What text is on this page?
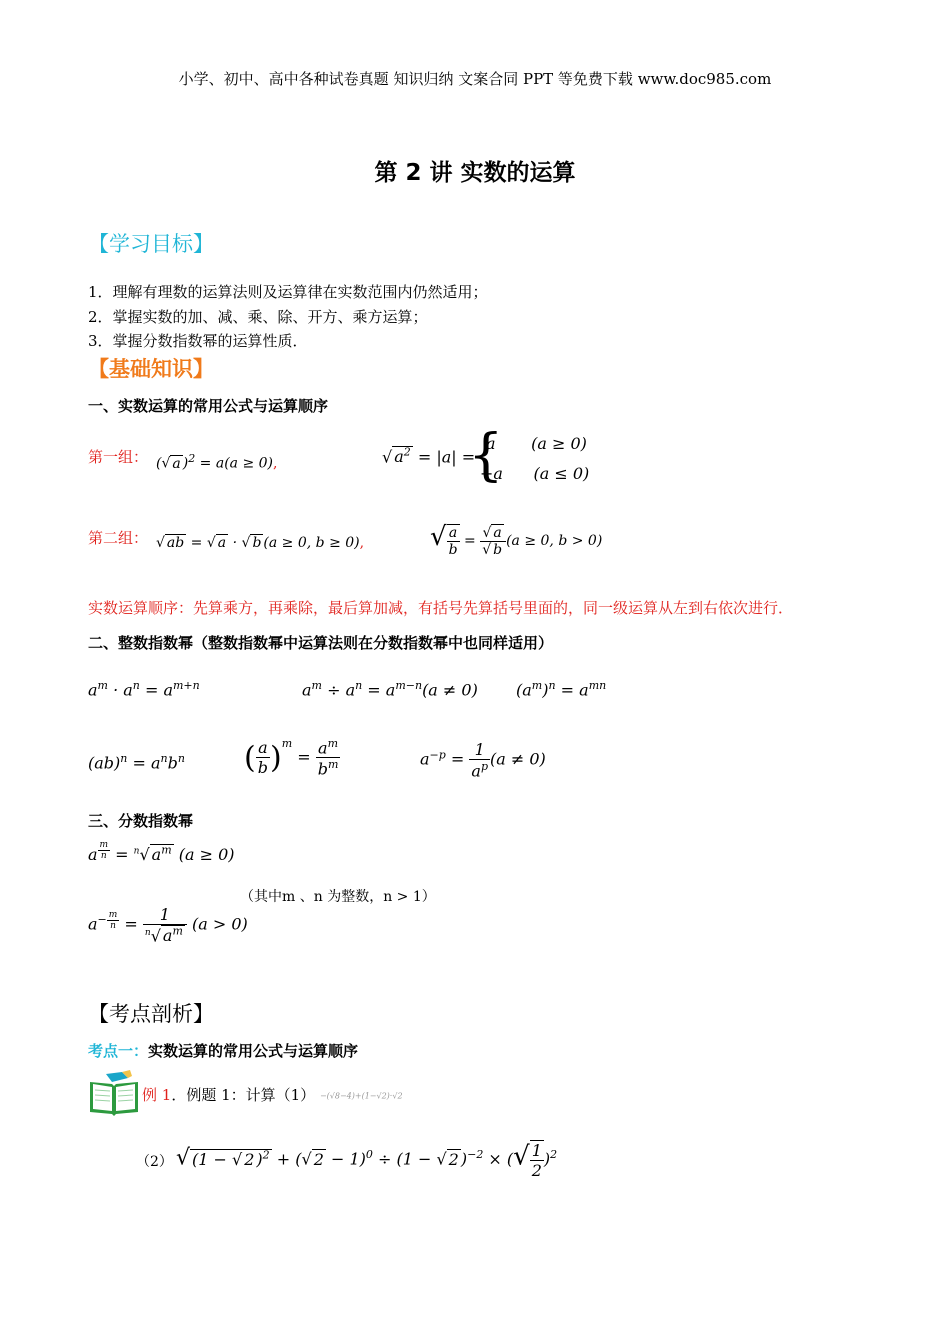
小学、初中、高中各种试卷真题 知识归纳 文案合同 PPT 等免费下载 www.doc985.com
第 2 讲 实数的运算
【学习目标】
1．理解有理数的运算法则及运算律在实数范围内仍然适用；
2．掌握实数的加、减、乘、除、开方、乘方运算；
3．掌握分数指数幂的运算性质．
【基础知识】
一、实数运算的常用公式与运算顺序
第一组： (√ a )$^2$ = a(a ≥ 0),	√ $a^2 = |a|$ =
{
a       (a ≥ 0)
−a      (a ≤ 0)
第二组： √ ab = √ a · √ b (a ≥ 0, b ≥ 0),	√ $\frac{a}{b} = \frac{√ a}{√ b} (a \ge 0$, b > 0)
实数运算顺序：先算乘方，再乘除，最后算加减，有括号先算括号里面的，同一级运算从左到右依次进行．
二、整数指数幂（整数指数幂中运算法则在分数指数幂中也同样适用）
$a^m \cdot a^n = a^{m+n}$	$a^m \div a^n = a^{m-n}(a \ne 0) (a^m)^n = a^{mn}$
$(ab)^n = a^nb^n$ ( $\frac{a}{b} )^m = \frac{a^m}{b^m}$	$a^{-p} = \frac{1}{a^p} (a \ne 0)$
三、分数指数幂
a $^{\frac{m}{n}}$ = $^n$√ $a^m$ (a ≥ 0)
（其中m 、n 为整数，n > 1）
$a^{- \frac{m}{n}} = \frac{1}{^n√ a^m} (a > 0)$
【考点剖析】
考点一：实数运算的常用公式与运算顺序
例 1．例题 1：计算（1） −(√8−4)+(1−√2)·√2
（2） √ (1 − √ 2 )$^2$ + (√ 2 − 1)$^0$ ÷ (1 − √ 2 )$^{-2}$ × (√ $\frac{1}{2} )^2$
